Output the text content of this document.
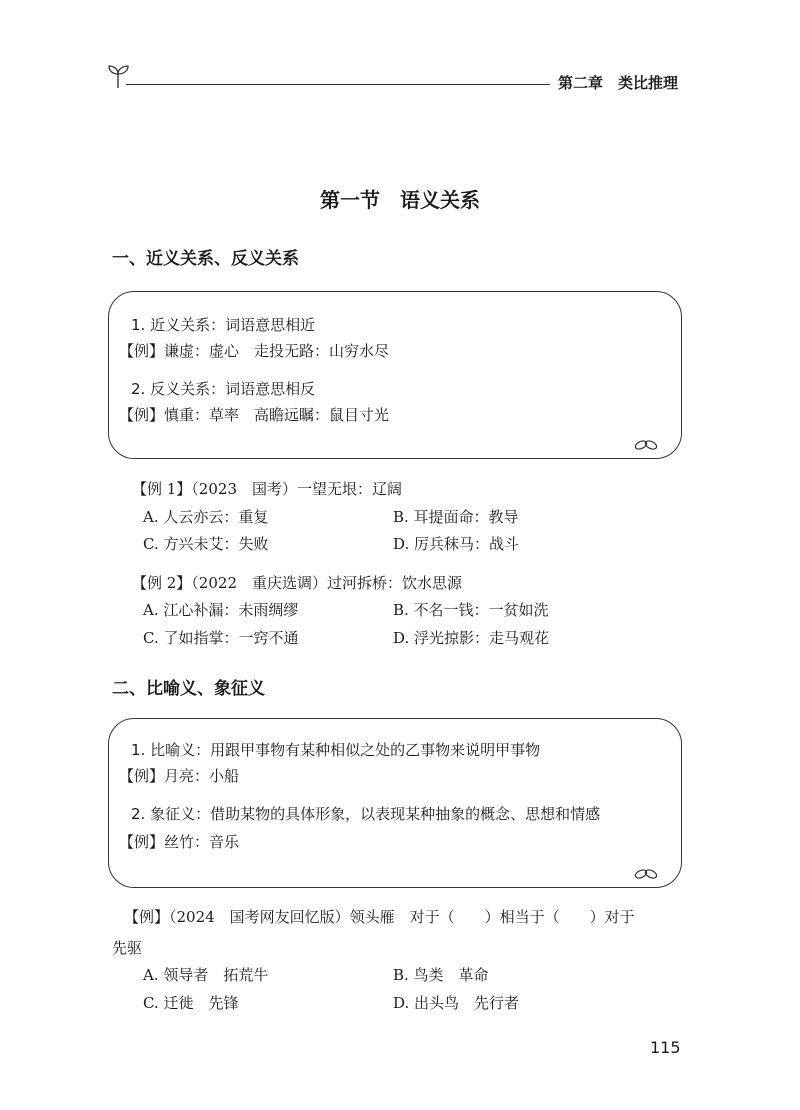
第二章　类比推理
第一节　语义关系
一、近义关系、反义关系
1. 近义关系：词语意思相近
【例】谦虚：虚心　走投无路：山穷水尽
2. 反义关系：词语意思相反
【例】慎重：草率　高瞻远瞩：鼠目寸光
【例 1】（2023　国考）一望无垠：辽阔
A. 人云亦云：重复	B. 耳提面命：教导
C. 方兴未艾：失败	D. 厉兵秣马：战斗
【例 2】（2022　重庆选调）过河拆桥：饮水思源
A. 江心补漏：未雨绸缪	B. 不名一钱：一贫如洗
C. 了如指掌：一窍不通	D. 浮光掠影：走马观花
二、比喻义、象征义
1. 比喻义：用跟甲事物有某种相似之处的乙事物来说明甲事物
【例】月亮：小船
2. 象征义：借助某物的具体形象，以表现某种抽象的概念、思想和情感
【例】丝竹：音乐
【例】（2024　国考网友回忆版）领头雁　对于（　　）相当于（　　）对于
先驱
A. 领导者　拓荒牛	B. 鸟类　革命
C. 迁徙　先锋	D. 出头鸟　先行者
115
